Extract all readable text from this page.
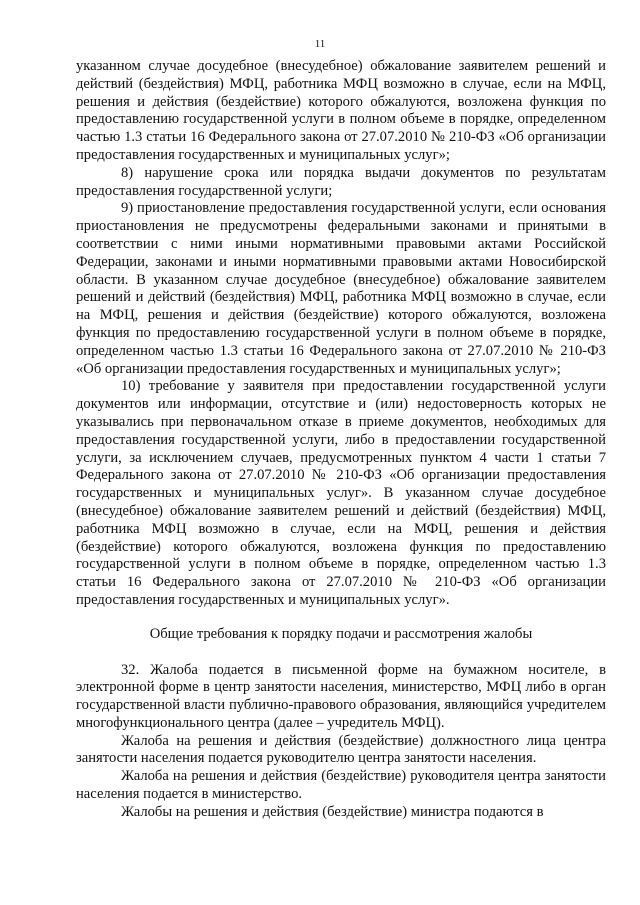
11

указанном случае досудебное (внесудебное) обжалование заявителем решений и действий (бездействия) МФЦ, работника МФЦ возможно в случае, если на МФЦ, решения и действия (бездействие) которого обжалуются, возложена функция по предоставлению государственной услуги в полном объеме в порядке, определенном частью 1.3 статьи 16 Федерального закона от 27.07.2010 № 210-ФЗ «Об организации предоставления государственных и муниципальных услуг»;

8) нарушение срока или порядка выдачи документов по результатам предоставления государственной услуги;

9) приостановление предоставления государственной услуги, если основания приостановления не предусмотрены федеральными законами и принятыми в соответствии с ними иными нормативными правовыми актами Российской Федерации, законами и иными нормативными правовыми актами Новосибирской области. В указанном случае досудебное (внесудебное) обжалование заявителем решений и действий (бездействия) МФЦ, работника МФЦ возможно в случае, если на МФЦ, решения и действия (бездействие) которого обжалуются, возложена функция по предоставлению государственной услуги в полном объеме в порядке, определенном частью 1.3 статьи 16 Федерального закона от 27.07.2010 № 210-ФЗ «Об организации предоставления государственных и муниципальных услуг»;

10) требование у заявителя при предоставлении государственной услуги документов или информации, отсутствие и (или) недостоверность которых не указывались при первоначальном отказе в приеме документов, необходимых для предоставления государственной услуги, либо в предоставлении государственной услуги, за исключением случаев, предусмотренных пунктом 4 части 1 статьи 7 Федерального закона от 27.07.2010 № 210-ФЗ «Об организации предоставления государственных и муниципальных услуг». В указанном случае досудебное (внесудебное) обжалование заявителем решений и действий (бездействия) МФЦ, работника МФЦ возможно в случае, если на МФЦ, решения и действия (бездействие) которого обжалуются, возложена функция по предоставлению государственной услуги в полном объеме в порядке, определенном частью 1.3 статьи 16 Федерального закона от 27.07.2010 № 210-ФЗ «Об организации предоставления государственных и муниципальных услуг».

Общие требования к порядку подачи и рассмотрения жалобы

32. Жалоба подается в письменной форме на бумажном носителе, в электронной форме в центр занятости населения, министерство, МФЦ либо в орган государственной власти публично-правового образования, являющийся учредителем многофункционального центра (далее – учредитель МФЦ).

Жалоба на решения и действия (бездействие) должностного лица центра занятости населения подается руководителю центра занятости населения.

Жалоба на решения и действия (бездействие) руководителя центра занятости населения подается в министерство.

Жалобы на решения и действия (бездействие) министра подаются в
